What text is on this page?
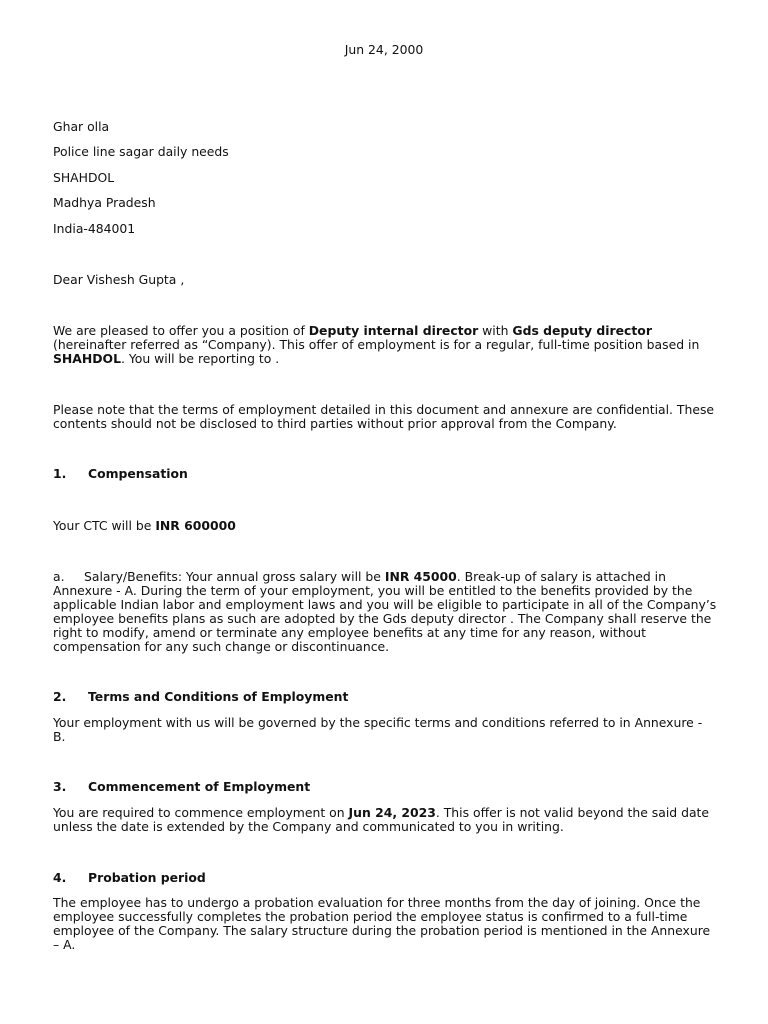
Jun 24, 2000
Ghar olla
Police line sagar daily needs
SHAHDOL
Madhya Pradesh
India-484001
Dear Vishesh Gupta ,
We are pleased to offer you a position of Deputy internal director with Gds deputy director
(hereinafter referred as “Company). This offer of employment is for a regular, full-time position based in
SHAHDOL. You will be reporting to .
Please note that the terms of employment detailed in this document and annexure are confidential. These
contents should not be disclosed to third parties without prior approval from the Company.
1. Compensation
Your CTC will be INR 600000
a. Salary/Benefits: Your annual gross salary will be INR 45000. Break-up of salary is attached in
Annexure - A. During the term of your employment, you will be entitled to the benefits provided by the
applicable Indian labor and employment laws and you will be eligible to participate in all of the Company’s
employee benefits plans as such are adopted by the Gds deputy director . The Company shall reserve the
right to modify, amend or terminate any employee benefits at any time for any reason, without
compensation for any such change or discontinuance.
2. Terms and Conditions of Employment
Your employment with us will be governed by the specific terms and conditions referred to in Annexure -
B.
3. Commencement of Employment
You are required to commence employment on Jun 24, 2023. This offer is not valid beyond the said date
unless the date is extended by the Company and communicated to you in writing.
4. Probation period
The employee has to undergo a probation evaluation for three months from the day of joining. Once the
employee successfully completes the probation period the employee status is confirmed to a full-time
employee of the Company. The salary structure during the probation period is mentioned in the Annexure
– A.
